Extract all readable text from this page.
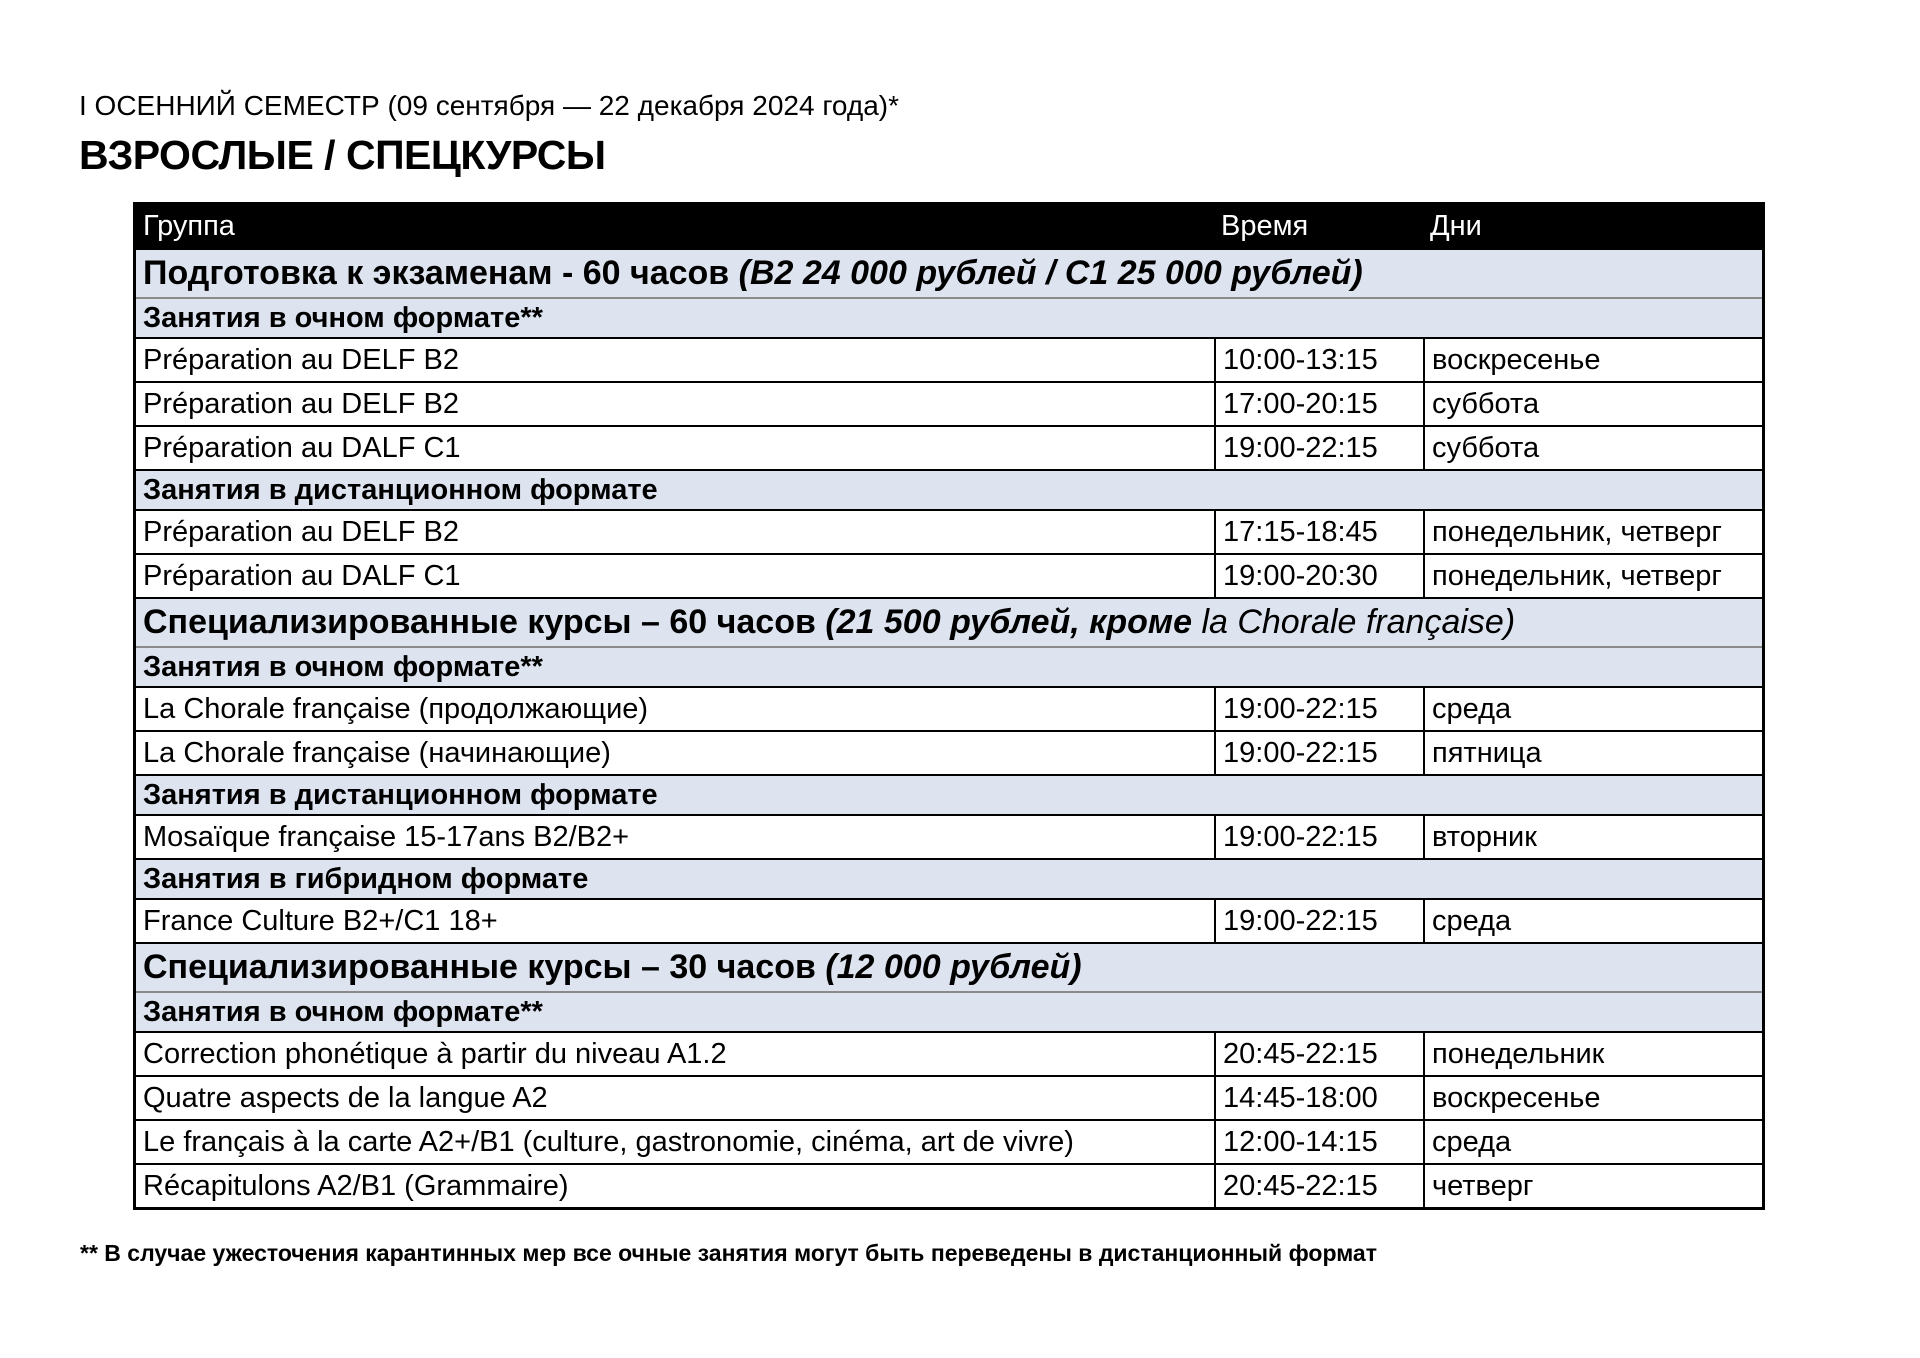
I ОСЕННИЙ СЕМЕСТР (09 сентября — 22 декабря 2024 года)*
ВЗРОСЛЫЕ / СПЕЦКУРСЫ
Группа	Время	Дни
Подготовка к экзаменам - 60 часов (B2 24 000 рублей / C1 25 000 рублей)		
Занятия в очном формате**		
Préparation au DELF B2	10:00-13:15	воскресенье
Préparation au DELF B2	17:00-20:15	суббота
Préparation au DALF C1	19:00-22:15	суббота
Занятия в дистанционном формате		
Préparation au DELF B2	17:15-18:45	понедельник, четверг
Préparation au DALF C1	19:00-20:30	понедельник, четверг
Специализированные курсы – 60 часов (21 500 рублей, кроме la Chorale française)		
Занятия в очном формате**		
La Chorale française (продолжающие)	19:00-22:15	среда
La Chorale française (начинающие)	19:00-22:15	пятница
Занятия в дистанционном формате		
Mosaïque française 15-17ans B2/B2+	19:00-22:15	вторник
Занятия в гибридном формате		
France Culture B2+/C1 18+	19:00-22:15	среда
Специализированные курсы – 30 часов (12 000 рублей)		
Занятия в очном формате**		
Correction phonétique à partir du niveau A1.2	20:45-22:15	понедельник
Quatre aspects de la langue A2	14:45-18:00	воскресенье
Le français à la carte A2+/B1 (culture, gastronomie, cinéma, art de vivre)	12:00-14:15	среда
Récapitulons A2/B1 (Grammaire)	20:45-22:15	четверг
** В случае ужесточения карантинных мер все очные занятия могут быть переведены в дистанционный формат
